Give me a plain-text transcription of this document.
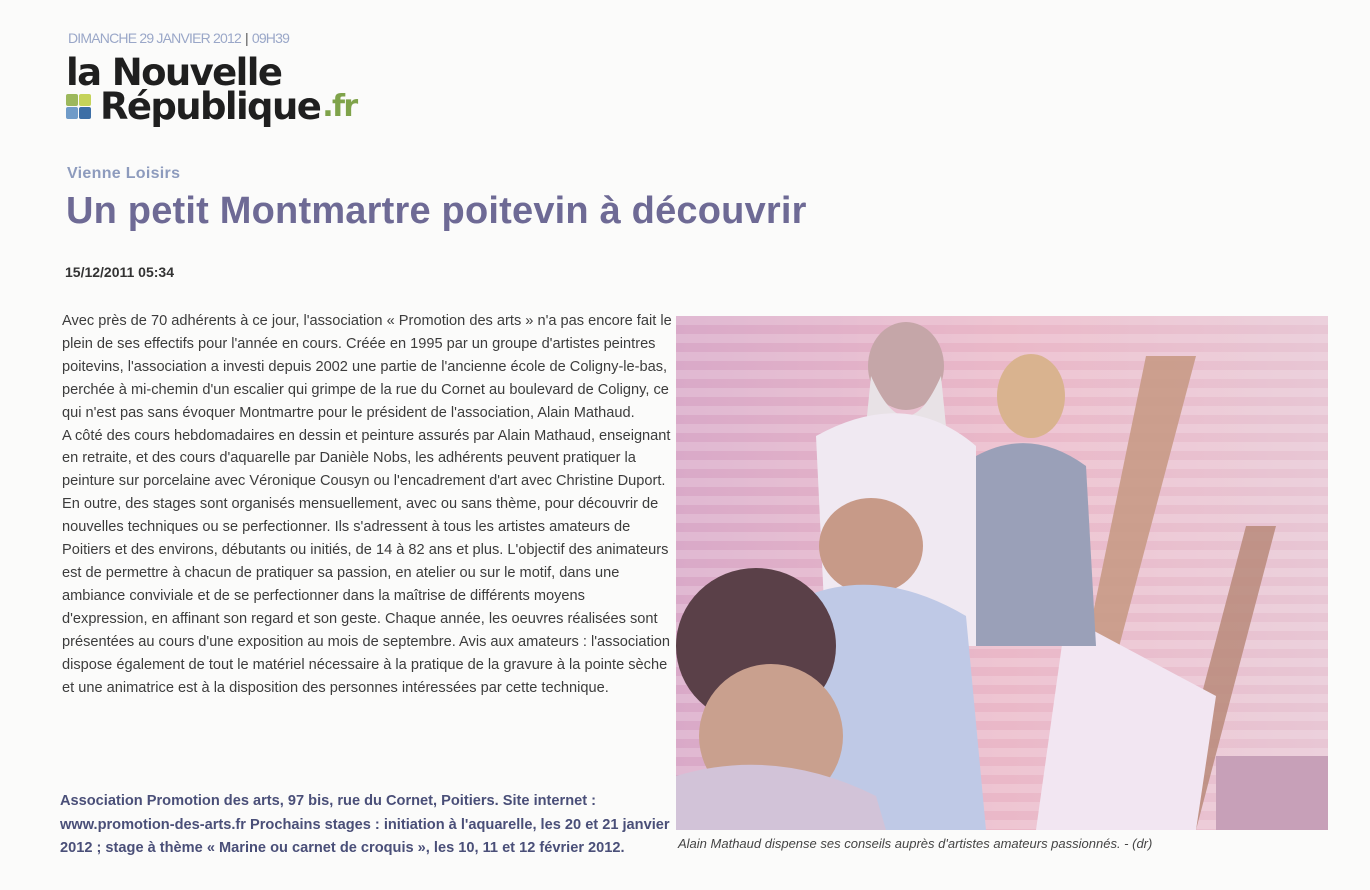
DIMANCHE 29 JANVIER 2012 | 09H39
la Nouvelle
République .fr
Vienne Loisirs
Un petit Montmartre poitevin à découvrir
15/12/2011 05:34

Avec près de 70 adhérents à ce jour, l'association « Promotion des arts » n'a pas encore fait le plein de ses effectifs pour l'année en cours. Créée en 1995 par un groupe d'artistes peintres poitevins, l'association a investi depuis 2002 une partie de l'ancienne école de Coligny-le-bas, perchée à mi-chemin d'un escalier qui grimpe de la rue du Cornet au boulevard de Coligny, ce qui n'est pas sans évoquer Montmartre pour le président de l'association, Alain Mathaud.

A côté des cours hebdomadaires en dessin et peinture assurés par Alain Mathaud, enseignant en retraite, et des cours d'aquarelle par Danièle Nobs, les adhérents peuvent pratiquer la peinture sur porcelaine avec Véronique Cousyn ou l'encadrement d'art avec Christine Duport. En outre, des stages sont organisés mensuellement, avec ou sans thème, pour découvrir de nouvelles techniques ou se perfectionner. Ils s'adressent à tous les artistes amateurs de Poitiers et des environs, débutants ou initiés, de 14 à 82 ans et plus. L'objectif des animateurs est de permettre à chacun de pratiquer sa passion, en atelier ou sur le motif, dans une ambiance conviviale et de se perfectionner dans la maîtrise de différents moyens d'expression, en affinant son regard et son geste. Chaque année, les oeuvres réalisées sont présentées au cours d'une exposition au mois de septembre. Avis aux amateurs : l'association dispose également de tout le matériel nécessaire à la pratique de la gravure à la pointe sèche et une animatrice est à la disposition des personnes intéressées par cette technique.

Association Promotion des arts, 97 bis, rue du Cornet, Poitiers. Site internet : www.promotion-des-arts.fr Prochains stages : initiation à l'aquarelle, les 20 et 21 janvier 2012 ; stage à thème « Marine ou carnet de croquis », les 10, 11 et 12 février 2012.	Alain Mathaud dispense ses conseils auprès d'artistes amateurs passionnés. - (dr)
